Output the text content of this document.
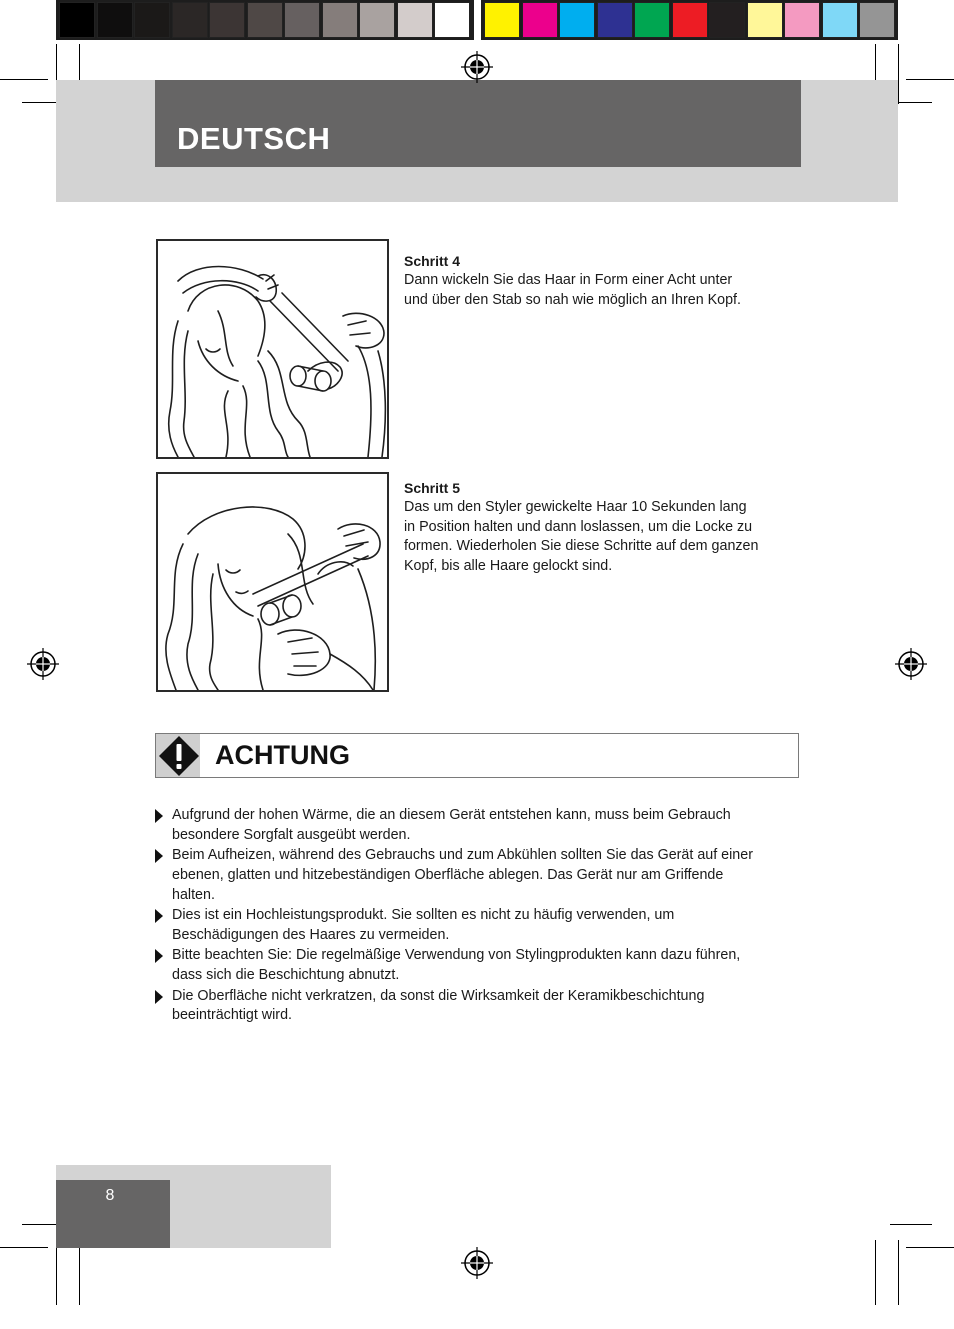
DEUTSCH
Schritt 4
Dann wickeln Sie das Haar in Form einer Acht unter
und über den Stab so nah wie möglich an Ihren Kopf.
Schritt 5
Das um den Styler gewickelte Haar 10 Sekunden lang
in Position halten und dann loslassen, um die Locke zu
formen. Wiederholen Sie diese Schritte auf dem ganzen
Kopf, bis alle Haare gelockt sind.
ACHTUNG
Aufgrund der hohen Wärme, die an diesem Gerät entstehen kann, muss beim Gebrauch
besondere Sorgfalt ausgeübt werden.
Beim Aufheizen, während des Gebrauchs und zum Abkühlen sollten Sie das Gerät auf einer
ebenen, glatten und hitzebeständigen Oberfläche ablegen. Das Gerät nur am Griffende
halten.
Dies ist ein Hochleistungsprodukt. Sie sollten es nicht zu häufig verwenden, um
Beschädigungen des Haares zu vermeiden.
Bitte beachten Sie: Die regelmäßige Verwendung von Stylingprodukten kann dazu führen,
dass sich die Beschichtung abnutzt.
Die Oberfläche nicht verkratzen, da sonst die Wirksamkeit der Keramikbeschichtung
beeinträchtigt wird.
8
